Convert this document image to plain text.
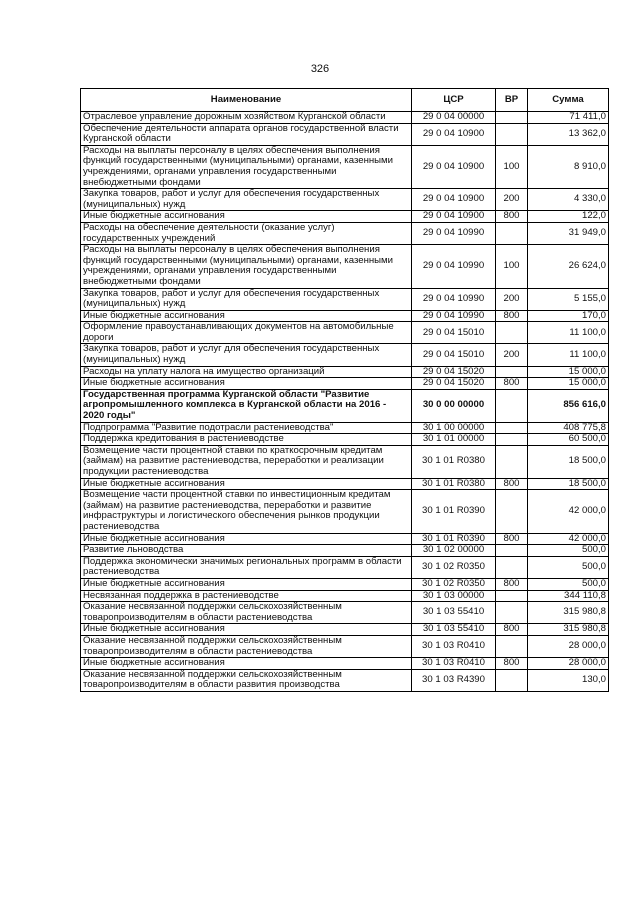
326
Наименование	ЦСР	ВР	Сумма
Отраслевое управление дорожным хозяйством Курганской области	29 0 04 00000		71 411,0
Обеспечение деятельности аппарата органов государственной власти Курганской области	29 0 04 10900		13 362,0
Расходы на выплаты персоналу в целях обеспечения выполнения функций государственными (муниципальными) органами, казенными учреждениями, органами управления государственными внебюджетными фондами	29 0 04 10900	100	8 910,0
Закупка товаров, работ и услуг для обеспечения государственных (муниципальных) нужд	29 0 04 10900	200	4 330,0
Иные бюджетные ассигнования	29 0 04 10900	800	122,0
Расходы на обеспечение деятельности (оказание услуг) государственных учреждений	29 0 04 10990		31 949,0
Расходы на выплаты персоналу в целях обеспечения выполнения функций государственными (муниципальными) органами, казенными учреждениями, органами управления государственными внебюджетными фондами	29 0 04 10990	100	26 624,0
Закупка товаров, работ и услуг для обеспечения государственных (муниципальных) нужд	29 0 04 10990	200	5 155,0
Иные бюджетные ассигнования	29 0 04 10990	800	170,0
Оформление правоустанавливающих документов на автомобильные дороги	29 0 04 15010		11 100,0
Закупка товаров, работ и услуг для обеспечения государственных (муниципальных) нужд	29 0 04 15010	200	11 100,0
Расходы на уплату налога на имущество организаций	29 0 04 15020		15 000,0
Иные бюджетные ассигнования	29 0 04 15020	800	15 000,0
Государственная программа Курганской области "Развитие агропромышленного комплекса в Курганской области на 2016 - 2020 годы"	30 0 00 00000		856 616,0
Подпрограмма "Развитие подотрасли растениеводства"	30 1 00 00000		408 775,8
Поддержка кредитования в растениеводстве	30 1 01 00000		60 500,0
Возмещение части процентной ставки по краткосрочным кредитам (займам) на развитие растениеводства, переработки и реализации продукции растениеводства	30 1 01 R0380		18 500,0
Иные бюджетные ассигнования	30 1 01 R0380	800	18 500,0
Возмещение части процентной ставки по инвестиционным кредитам (займам) на развитие растениеводства, переработки и развитие инфраструктуры и логистического обеспечения рынков продукции растениеводства	30 1 01 R0390		42 000,0
Иные бюджетные ассигнования	30 1 01 R0390	800	42 000,0
Развитие льноводства	30 1 02 00000		500,0
Поддержка экономически значимых региональных программ в области растениеводства	30 1 02 R0350		500,0
Иные бюджетные ассигнования	30 1 02 R0350	800	500,0
Несвязанная поддержка в растениеводстве	30 1 03 00000		344 110,8
Оказание несвязанной поддержки сельскохозяйственным товаропроизводителям в области растениеводства	30 1 03 55410		315 980,8
Иные бюджетные ассигнования	30 1 03 55410	800	315 980,8
Оказание несвязанной поддержки сельскохозяйственным товаропроизводителям в области растениеводства	30 1 03 R0410		28 000,0
Иные бюджетные ассигнования	30 1 03 R0410	800	28 000,0
Оказание несвязанной поддержки сельскохозяйственным товаропроизводителям в области развития производства	30 1 03 R4390		130,0
